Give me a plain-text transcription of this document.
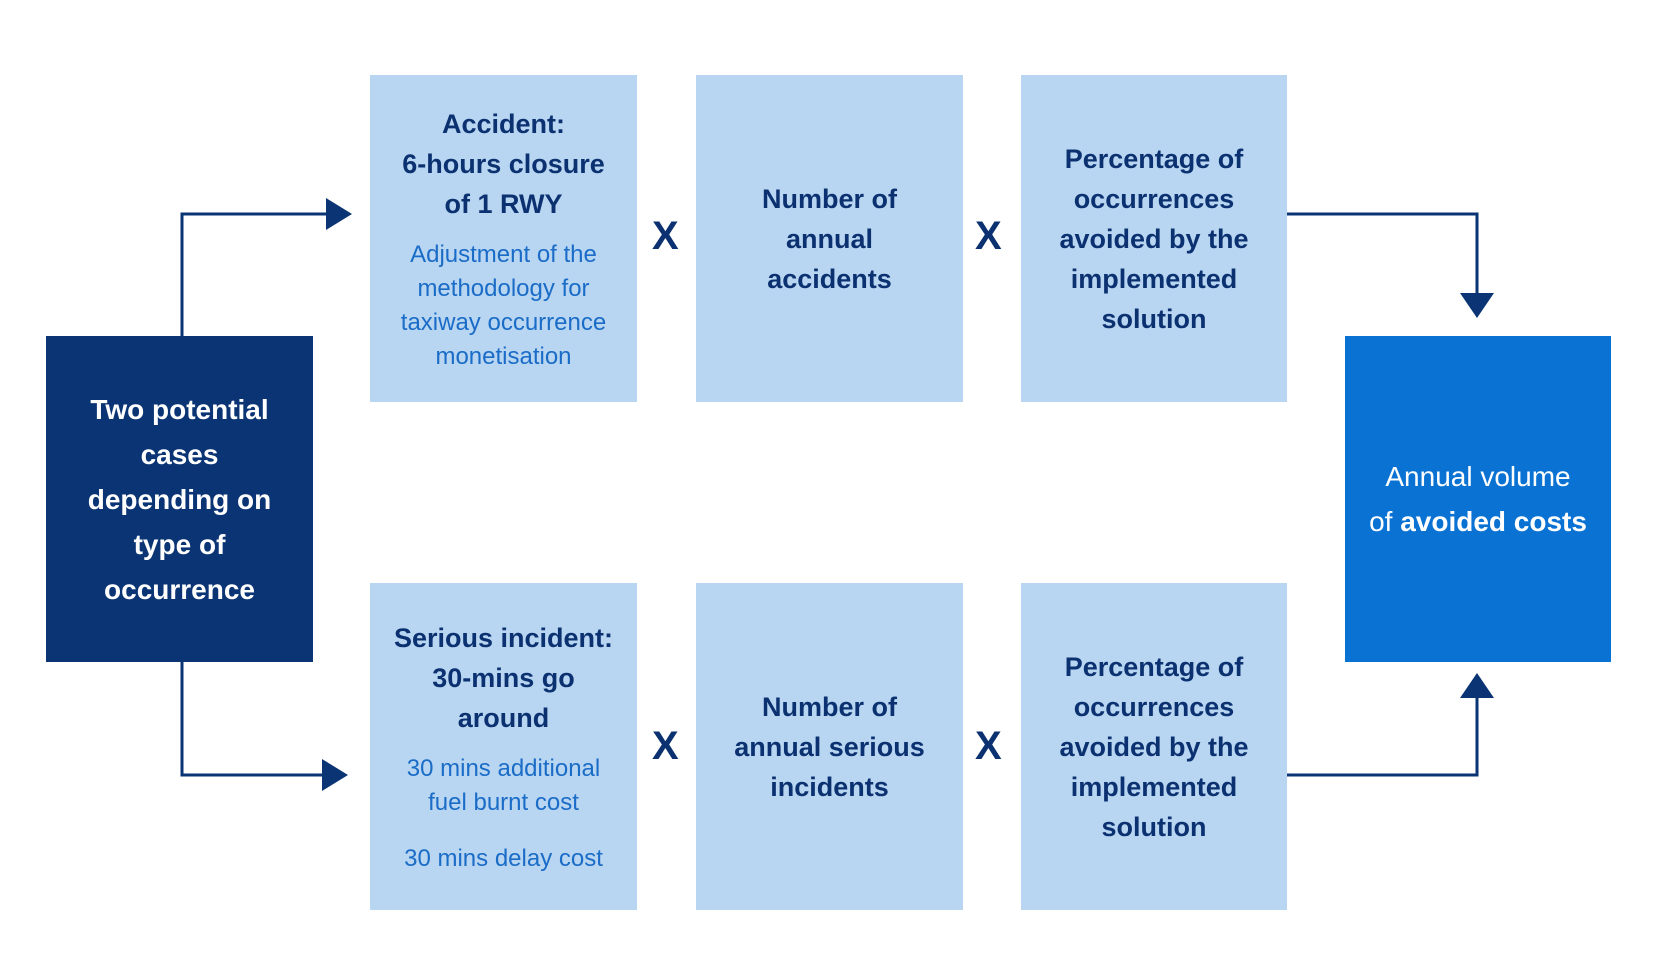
Two potential cases depending on type of occurrence
Accident:
6-hours closure
of 1 RWY
Adjustment of the
methodology for
taxiway occurrence
monetisation
X
Number of
annual
accidents
X
Percentage of
occurrences
avoided by the
implemented
solution
Serious incident:
30-mins go
around
30 mins additional
fuel burnt cost
30 mins delay cost
X
Number of
annual serious
incidents
X
Percentage of
occurrences
avoided by the
implemented
solution
Annual volume
of avoided costs
